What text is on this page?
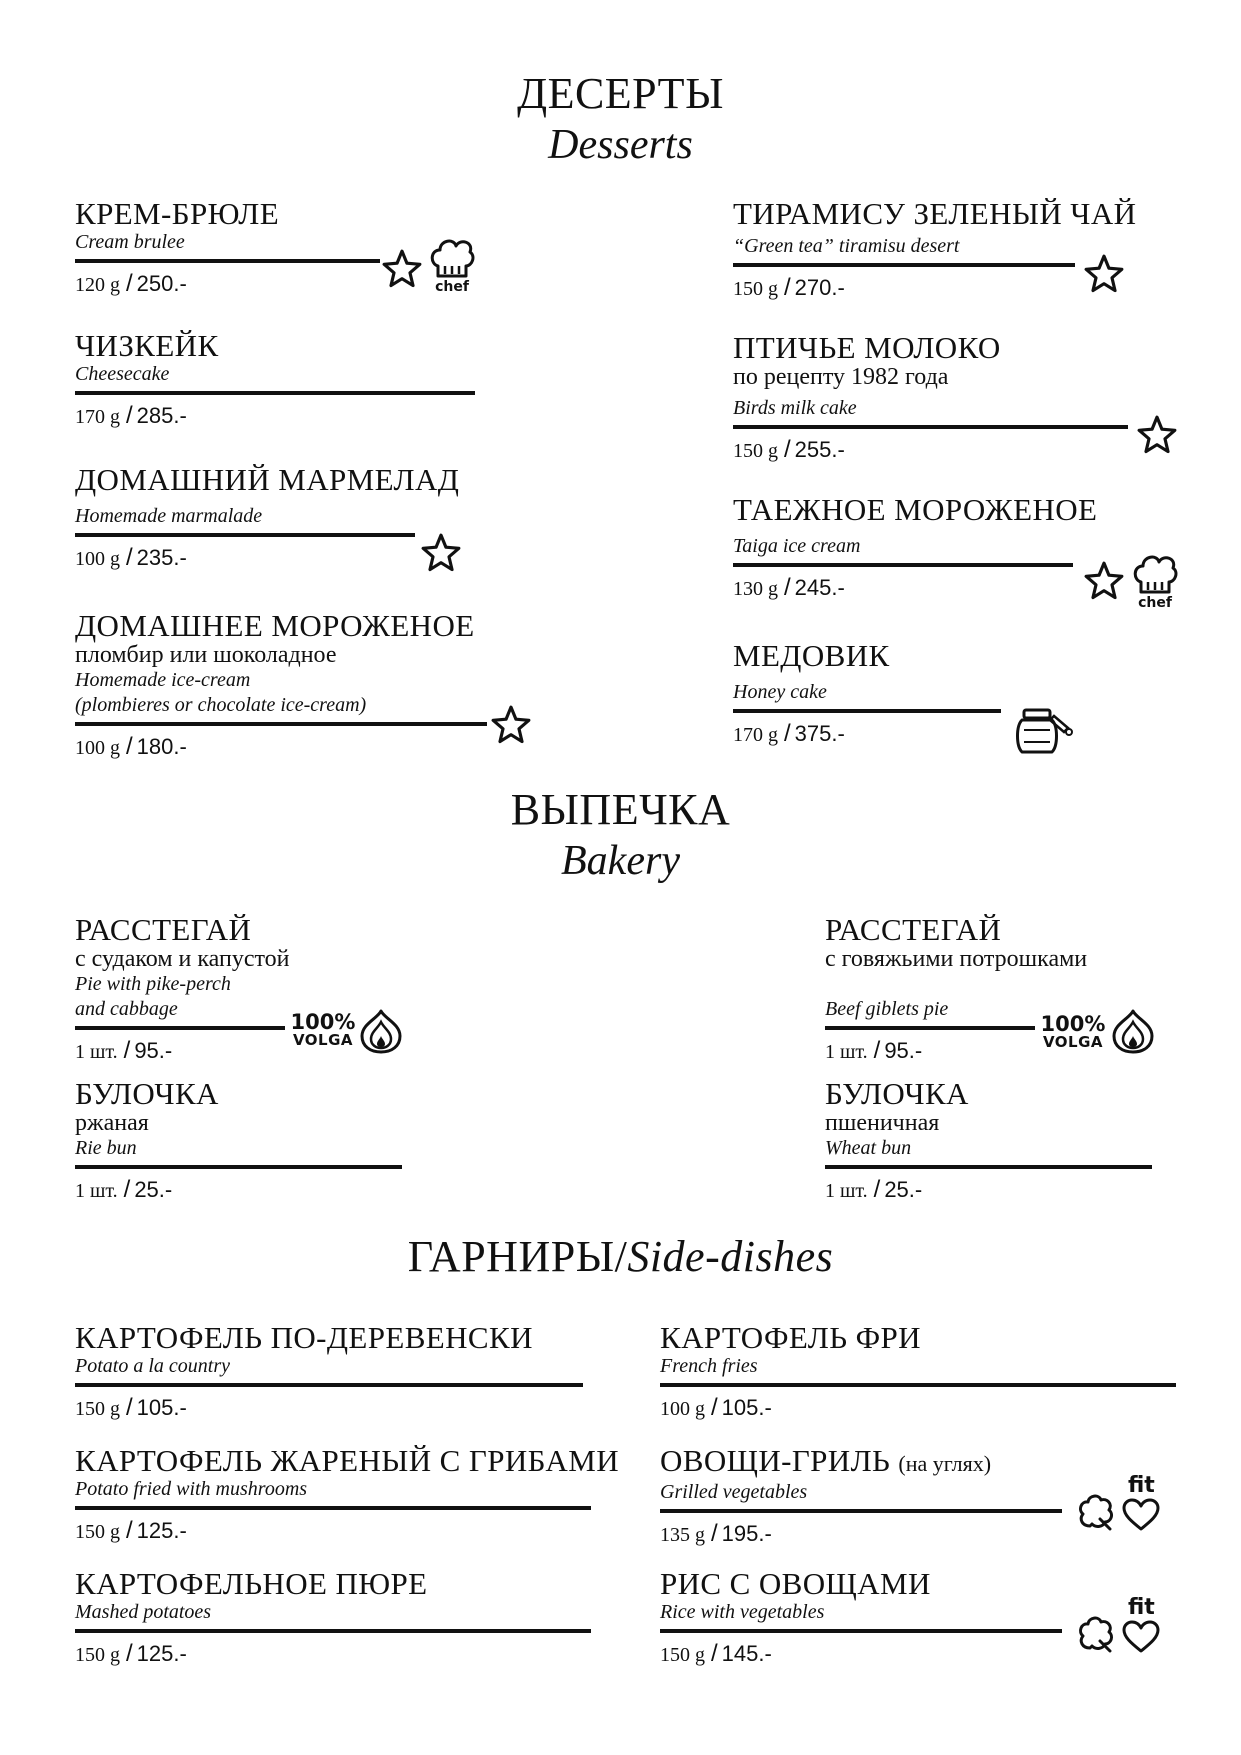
ДЕСЕРТЫ
Desserts
КРЕМ-БРЮЛЕ
Cream brulee
120 g / 250.-	chef
ЧИЗКЕЙК
Cheesecake
170 g / 285.-
ДОМАШНИЙ МАРМЕЛАД
Homemade marmalade
100 g / 235.-
ДОМАШНЕЕ МОРОЖЕНОЕ
пломбир или шоколадное
Homemade ice-cream
(plombieres or chocolate ice-cream)
100 g / 180.-
ТИРАМИСУ ЗЕЛЕНЫЙ ЧАЙ
“Green tea” tiramisu desert
150 g / 270.-
ПТИЧЬЕ МОЛОКО
по рецепту 1982 года
Birds milk cake
150 g / 255.-
ТАЕЖНОЕ МОРОЖЕНОЕ
Taiga ice cream
130 g / 245.-
chef
МЕДОВИК
Honey cake
170 g / 375.-
ВЫПЕЧКА
Bakery
РАССТЕГАЙ
с судаком и капустой
Pie with pike-perch
and cabbage
1 шт. / 95.-
100%
VOLGA
РАССТЕГАЙ
с говяжьими потрошками
Beef giblets pie
1 шт. / 95.-
100%
VOLGA
БУЛОЧКА
ржаная
Rie bun
1 шт. / 25.-
БУЛОЧКА
пшеничная
Wheat bun
1 шт. / 25.-
ГАРНИРЫ/Side-dishes
КАРТОФЕЛЬ ПО-ДЕРЕВЕНСКИ
Potato a la country
150 g / 105.-
КАРТОФЕЛЬ ЖАРЕНЫЙ С ГРИБАМИ
Potato fried with mushrooms
150 g / 125.-
КАРТОФЕЛЬНОЕ ПЮРЕ
Mashed potatoes
150 g / 125.-
КАРТОФЕЛЬ ФРИ
French fries
100 g / 105.-
ОВОЩИ-ГРИЛЬ (на углях)
Grilled vegetables
135 g / 195.-
fit
РИС С ОВОЩАМИ
Rice with vegetables
150 g / 145.-
fit
